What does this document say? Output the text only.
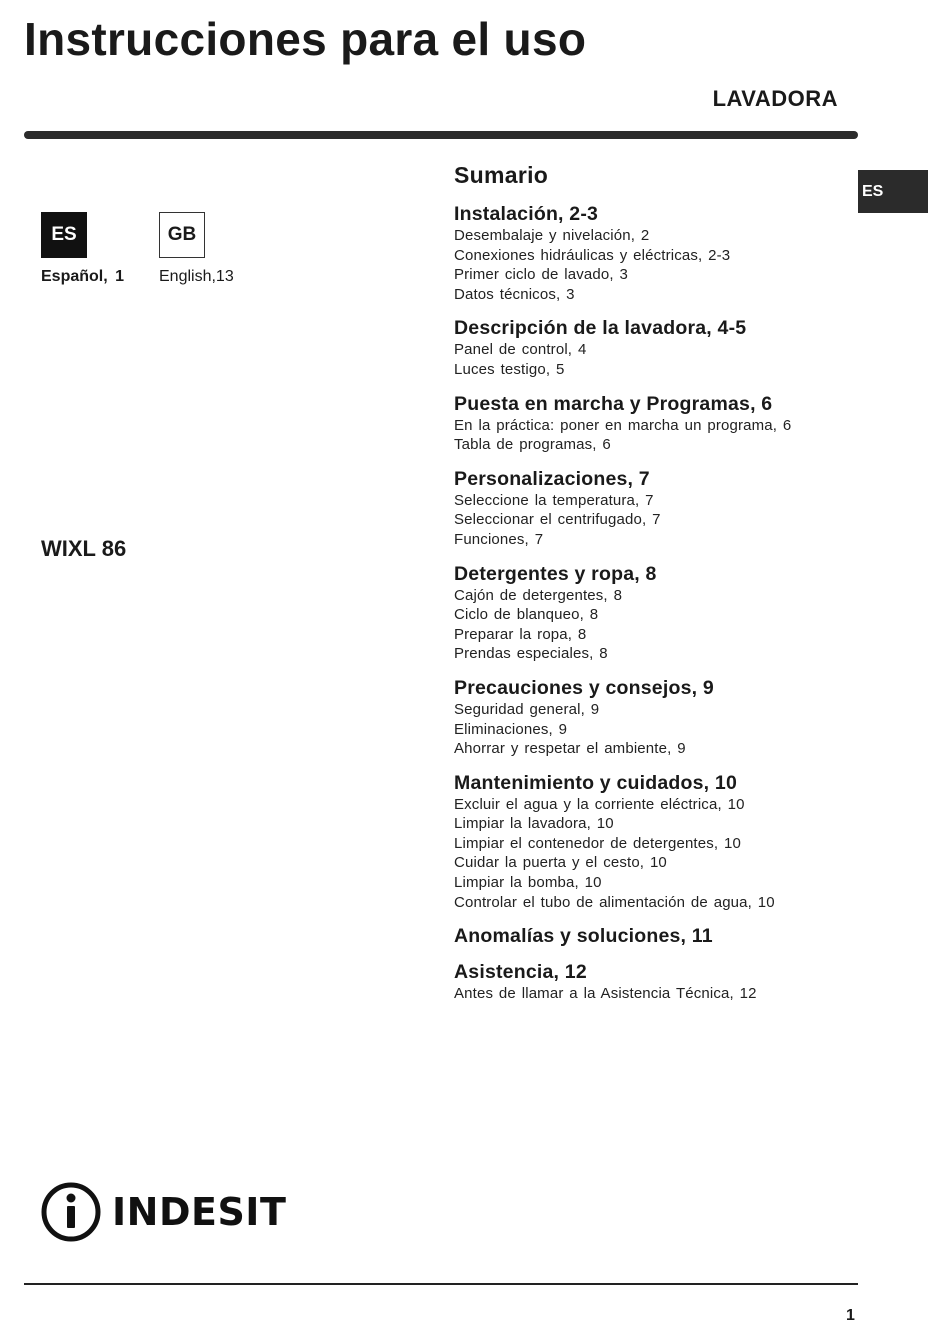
Instrucciones para el uso
LAVADORA
ES
ES	GB
Español, 1 English,13
WIXL 86
Sumario
Instalación, 2-3
Desembalaje y nivelación, 2
Conexiones hidráulicas y eléctricas, 2-3
Primer ciclo de lavado, 3
Datos técnicos, 3
Descripción de la lavadora, 4-5
Panel de control, 4
Luces testigo, 5
Puesta en marcha y Programas, 6
En la práctica: poner en marcha un programa, 6
Tabla de programas, 6
Personalizaciones, 7
Seleccione la temperatura, 7
Seleccionar el centrifugado, 7
Funciones, 7
Detergentes y ropa, 8
Cajón de detergentes, 8
Ciclo de blanqueo, 8
Preparar la ropa, 8
Prendas especiales, 8
Precauciones y consejos, 9
Seguridad general, 9
Eliminaciones, 9
Ahorrar y respetar el ambiente, 9
Mantenimiento y cuidados, 10
Excluir el agua y la corriente eléctrica, 10
Limpiar la lavadora, 10
Limpiar el contenedor de detergentes, 10
Cuidar la puerta y el cesto, 10
Limpiar la bomba, 10
Controlar el tubo de alimentación de agua, 10
Anomalías y soluciones, 11
Asistencia, 12
Antes de llamar a la Asistencia Técnica, 12
INDESIT
1
